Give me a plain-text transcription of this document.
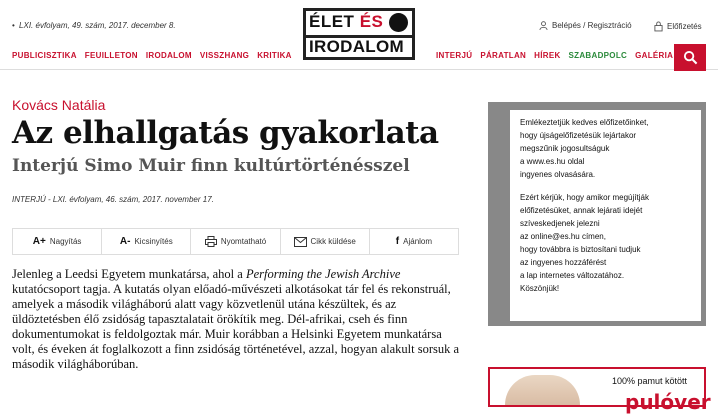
• LXI. évfolyam, 49. szám, 2017. december 8.	ÉLET ÉS
IRODALOM
Belépés / Regisztráció	Előfizetés
PUBLICISZTIKA FEUILLETON IRODALOM VISSZHANG KRITIKA	INTERJÚ PÁRATLAN HÍREK SZABADPOLC GALÉRIA
Kovács Natália
Az elhallgatás gyakorlata
Interjú Simo Muir finn kultúrtörténésszel
INTERJÚ - LXI. évfolyam, 46. szám, 2017. november 17.
A+ Nagyítás	A- Kicsinyítés	Nyomtatható	Cikk küldése	f Ajánlom
Jelenleg a Leedsi Egyetem munkatársa, ahol a Performing the Jewish Archive kutatócsoport tagja. A kutatás olyan előadó-művészeti alkotásokat tár fel és rekonstruál, amelyek a második világháború alatt vagy közvetlenül utána készültek, és az üldöztetésben élő zsidóság tapasztalatait örökítik meg. Dél-afrikai, cseh és finn dokumentumokat is feldolgoztak már. Muir korábban a Helsinki Egyetem munkatársa volt, és éveken át foglalkozott a finn zsidóság történetével, azzal, hogyan alakult sorsuk a második világháborúban.

Emlékeztetjük kedves előfizetőinket,
hogy újságelőfizetésük lejártakor
megszűnik jogosultságuk
a www.es.hu oldal
ingyenes olvasására.

Ezért kérjük, hogy amikor megújítják
előfizetésüket, annak lejárati idejét
szíveskedjenek jelezni
az online@es.hu címen,
hogy továbbra is biztosítani tudjuk
az ingyenes hozzáférést
a lap internetes változatához.
Köszönjük!

100% pamut kötött
pulóver
